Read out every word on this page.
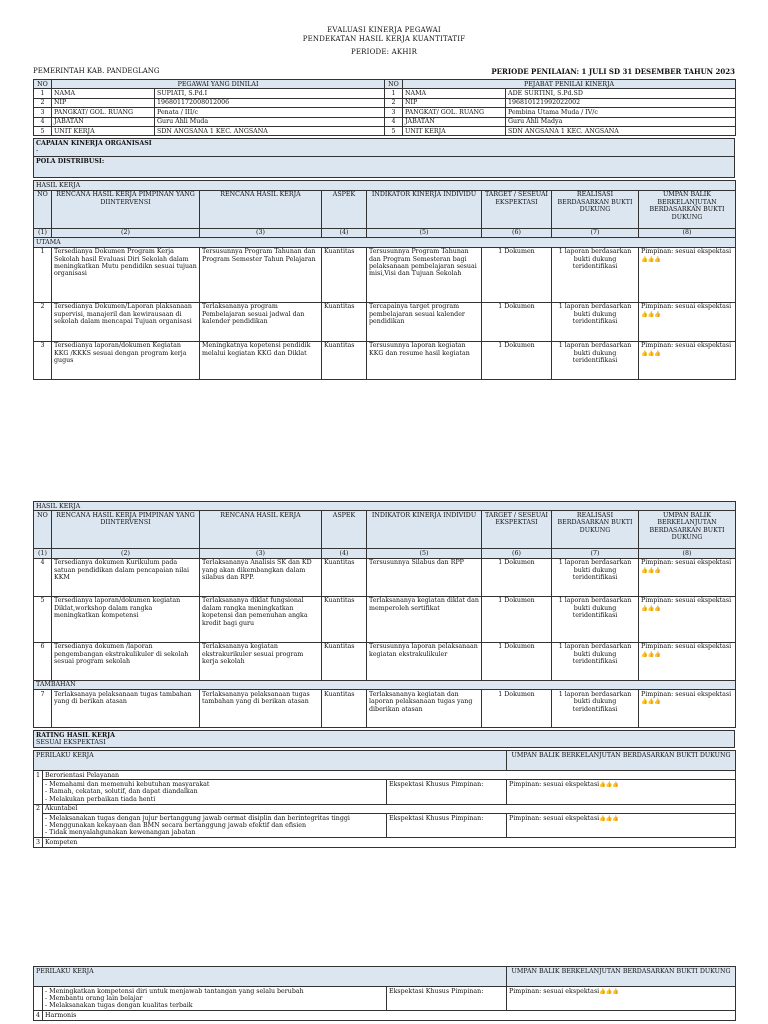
EVALUASI KINERJA PEGAWAI
PENDEKATAN HASIL KERJA KUANTITATIF
PERIODE: AKHIR
PEMERINTAH KAB. PANDEGLANG	PERIODE PENILAIAN: 1 JULI SD 31 DESEMBER TAHUN 2023
NO	PEGAWAI YANG DINILAI		NO	PEJABAT PENILAI KINERJA	
1	NAMA	SUPIATI, S.Pd.I	1	NAMA	ADE SURTINI, S.Pd.SD
2	NIP	196801172008012006	2	NIP	196810121992022002
3	PANGKAT/ GOL. RUANG	Penata / III/c	3	PANGKAT/ GOL. RUANG	Pembina Utama Muda / IV/c
4	JABATAN	Guru Ahli Muda	4	JABATAN	Guru Ahli Madya
5	UNIT KERJA	SDN ANGSANA 1 KEC. ANGSANA	5	UNIT KERJA	SDN ANGSANA 1 KEC. ANGSANA
CAPAIAN KINERJA ORGANISASI
-

POLA DISTRIBUSI:
HASIL KERJA							
NO	RENCANA HASIL KERJA PIMPINAN YANG DIINTERVENSI	RENCANA HASIL KERJA	ASPEK	INDIKATOR KINERJA INDIVIDU	TARGET / SESEUAI EKSPEKTASI	REALISASI BERDASARKAN BUKTI DUKUNG	UMPAN BALIK BERKELANJUTAN BERDASARKAN BUKTI DUKUNG
(1)	(2)	(3)	(4)	(5)	(6)	(7)	(8)
UTAMA							
1	Tersedianya Dokumen Program Kerja Sekolah hasil Evaluasi Diri Sekolah dalam meningkatkan Mutu pendidikn sesuai tujuan organisasi	Tersusunnya Program Tahunan dan Program Semester Tahun Pelajaran	Kuantitas	Tersusunnya Program Tahunan dan Program Semesteran bagi pelaksanaan pembelajaran sesuai misi,Visi dan Tujuan Sekolah	1 Dokumen	1 laporan berdasarkan bukti dukung teridentifikasi	Pimpinan: sesuai ekspektasi👍👍👍
2	Tersedianya Dokumen/Laporan plaksanaan supervisi, manajeril dan kewirausaan di sekolah dalam mencapai Tujuan organisasi	Terlaksananya program Pembelajaran sesuai jadwal dan kalender pendidikan	Kuantitas	Tercapainya target program pembelajaran sesuai kalender pendidikan	1 Dokumen	1 laporan berdasarkan bukti dukung teridentifikasi	Pimpinan: sesuai ekspektasi👍👍👍
3	Tersedianya laporan/dokumen Kegiatan KKG /KKKS sesuai dengan program kerja gugus	Meningkatnya kopetensi pendidik melalui kegiatan KKG dan Diklat	Kuantitas	Tersusunnya laporan kegiatan KKG dan resume hasil kegiatan	1 Dokumen	1 laporan berdasarkan bukti dukung teridentifikasi	Pimpinan: sesuai ekspektasi👍👍👍
HASIL KERJA							
NO	RENCANA HASIL KERJA PIMPINAN YANG DIINTERVENSI	RENCANA HASIL KERJA	ASPEK	INDIKATOR KINERJA INDIVIDU	TARGET / SESEUAI EKSPEKTASI	REALISASI BERDASARKAN BUKTI DUKUNG	UMPAN BALIK BERKELANJUTAN BERDASARKAN BUKTI DUKUNG
(1)	(2)	(3)	(4)	(5)	(6)	(7)	(8)
4	Tersedianya dokumen Kurikulum pada satuan pendidikan dalam pencapaian nilai KKM	Terlaksananya Analisis SK dan KD yang akan dikembangkan dalam silabus dan RPP.	Kuantitas	Tersusunnya Silabus dan RPP	1 Dokumen	1 laporan berdasarkan bukti dukung teridentifikasi	Pimpinan: sesuai ekspektasi👍👍👍
5	Tersedianya laporan/dokumen kegiatan Diklat,workshop dalam rangka meningkatkan kompetensi	Terlaksananya diklat fungsional dalam rangka meningkatkan kopetensi dan pemenuhan angka kredit bagi guru	Kuantitas	Terlaksananya kegiatan diklat dan memperoleh sertifikat	1 Dokumen	1 laporan berdasarkan bukti dukung teridentifikasi	Pimpinan: sesuai ekspektasi👍👍👍
6	Tersedianya dokumen /laporan pengembangan ekstrakulikuler di sekolah sesuai program sekolah	Terlaksananya kegiatan ekstrakurikuler sesuai program kerja sekolah	Kuantitas	Tersusunnya laporan pelaksanaan kegiatan ekstrakulikuler	1 Dokumen	1 laporan berdasarkan bukti dukung teridentifikasi	Pimpinan: sesuai ekspektasi👍👍👍
TAMBAHAN							
7	Terlaksanaya pelaksanaan tugas tambahan yang di berikan atasan	Terlaksananya pelaksanaan tugas tambahan yang di berikan atasan	Kuantitas	Terlaksananya kegiatan dan laporan pelaksanaan tugas yang diberikan atasan	1 Dokumen	1 laporan berdasarkan bukti dukung teridentifikasi	Pimpinan: sesuai ekspektasi👍👍👍
RATING HASIL KERJA
SESUAI EKSPEKTASI
PERILAKU KERJA			UMPAN BALIK BERKELANJUTAN BERDASARKAN BUKTI DUKUNG
1	Berorientasi Pelayanan		

	- Memahami dan memenuhi kebutuhan masyarakat
- Ramah, cekatan, solutif, dan dapat diandalkan
- Melakukan perbaikan tiada henti	Ekspektasi Khusus Pimpinan:	Pimpinan: sesuai ekspektasi👍👍👍
2	Akuntabel		

	- Melaksanakan tugas dengan jujur bertanggung jawab cermat disiplin dan berintegritas tinggi
- Menggunakan kekayaan dan BMN secara bertanggung jawab efektif dan efisien
- Tidak menyalahgunakan kewenangan jabatan	Ekspektasi Khusus Pimpinan:	Pimpinan: sesuai ekspektasi👍👍👍
3	Kompeten		
PERILAKU KERJA			UMPAN BALIK BERKELANJUTAN BERDASARKAN BUKTI DUKUNG

	- Meningkatkan kompetensi diri untuk menjawab tantangan yang selalu berubah
- Membantu orang lain belajar
- Melaksanakan tugas dengan kualitas terbaik	Ekspektasi Khusus Pimpinan:	Pimpinan: sesuai ekspektasi👍👍👍
4	Harmonis		
